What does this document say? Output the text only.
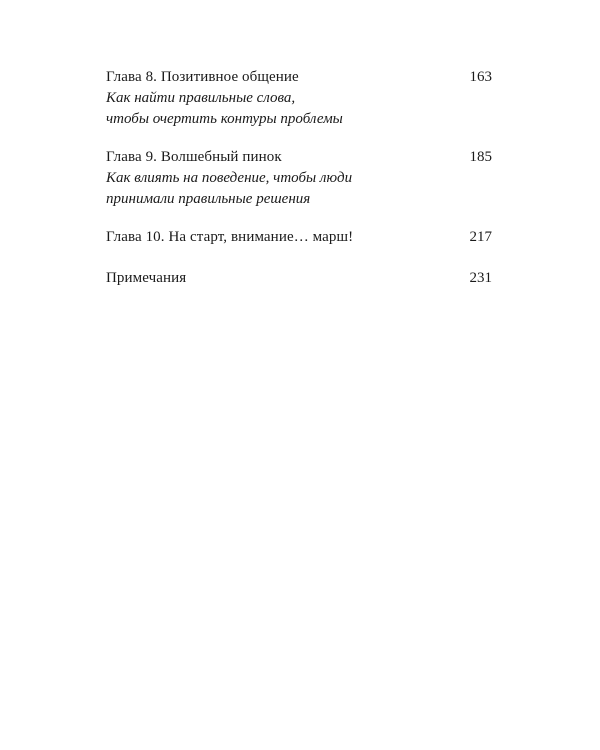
Глава 8. Позитивное общение	163
Как найти правильные слова,
чтобы очертить контуры проблемы
Глава 9. Волшебный пинок	185
Как влиять на поведение, чтобы люди
принимали правильные решения
Глава 10. На старт, внимание… марш!	217
Примечания	231
